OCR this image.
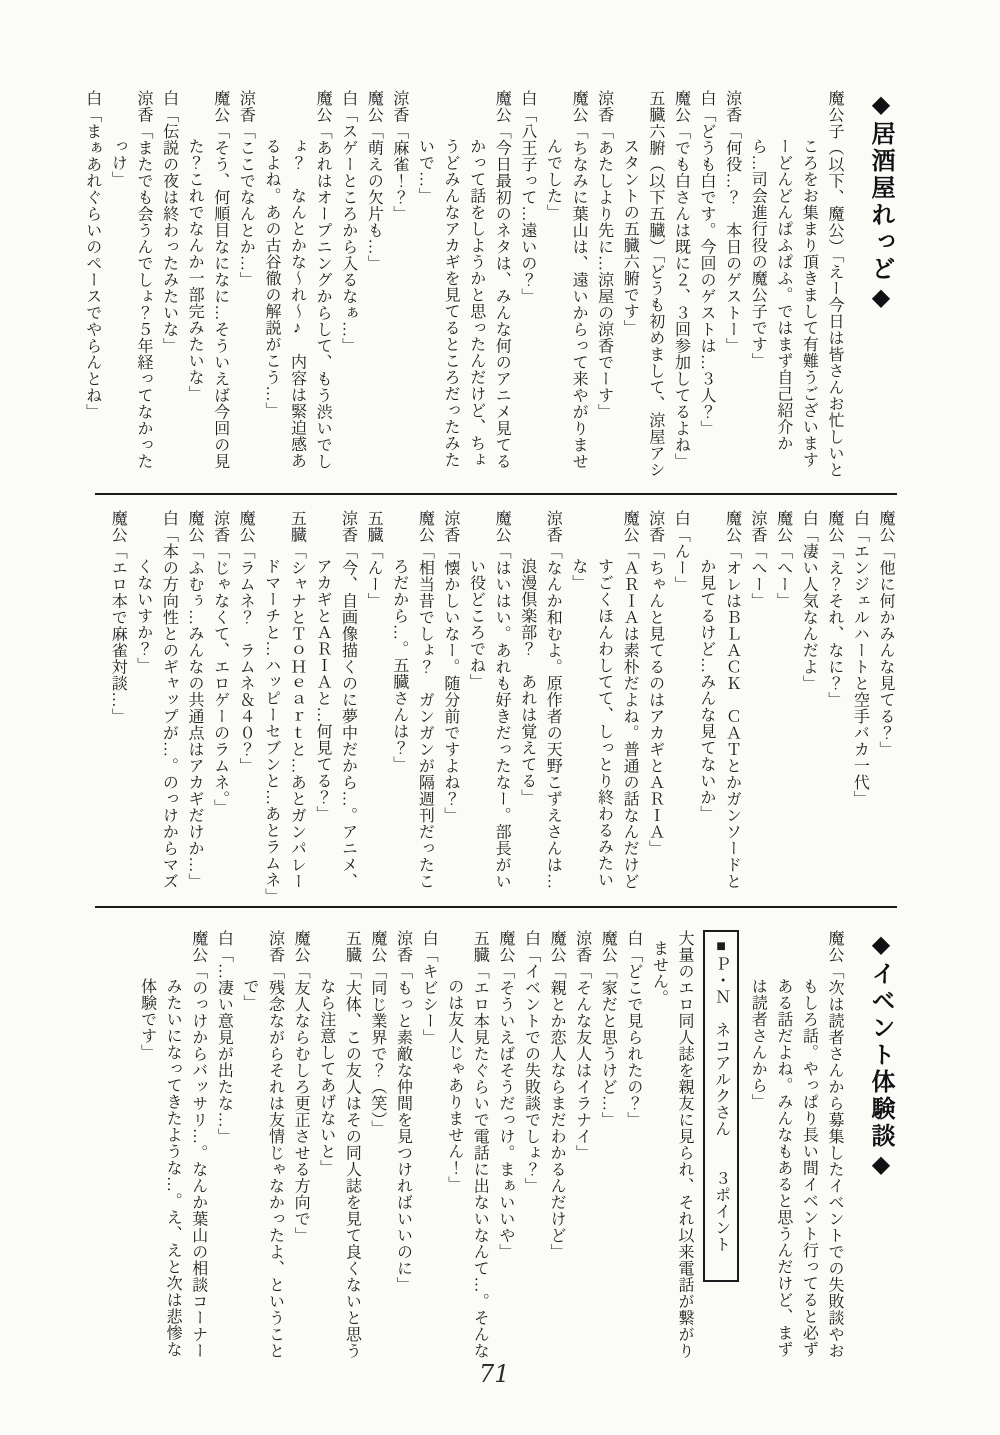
◆居酒屋れっど◆

魔公子（以下、魔公）「えー今日は皆さんお忙しいところをお集まり頂きまして有難うございますーどんどんぱふぱふ。ではまず自己紹介から…司会進行役の魔公子です」

涼香「何役…？　本日のゲストー」

白「どうも白です。今回のゲストは…３人？」

魔公「でも白さんは既に２、３回参加してるよね」

五臓六腑（以下五臓）「どうも初めまして、涼屋アシスタントの五臓六腑です」

涼香「あたしより先に…涼屋の涼香でーす」

魔公「ちなみに葉山は、遠いからって来やがりませんでした」

白「八王子って…遠いの？」

魔公「今日最初のネタは、みんな何のアニメ見てるかって話をしようかと思ったんだけど、ちょうどみんなアカギを見てるところだったみたいで…」

涼香「麻雀！？」

魔公「萌えの欠片も…」

白「スゲーところから入るなぁ…」

魔公「あれはオープニングからして、もう渋いでしょ？　なんとかな～れ～♪　内容は緊迫感あるよね。あの古谷徹の解説がこう…」

涼香「ここでなんとか…」

魔公「そう、何順目なになに…そういえば今回の見た？これでなんか一部完みたいな」

白「伝説の夜は終わったみたいな」

涼香「またでも会うんでしょ？５年経ってなかったっけ」

白「まぁあれぐらいのペースでやらんとね」

魔公「他に何かみんな見てる？」

白「エンジェルハートと空手バカ一代」

魔公「え？それ、なに？」

白「凄い人気なんだよ」

魔公「へー」

涼香「へー」

魔公「オレはＢＬＡＣＫ　ＣＡＴとかガンソードとか見てるけど…みんな見てないか」

白「んー」

涼香「ちゃんと見てるのはアカギとＡＲＩＡ」

魔公「ＡＲＩＡは素朴だよね。普通の話なんだけどすごくほんわしてて、しっとり終わるみたいな」

涼香「なんか和むよ。原作者の天野こずえさんは…浪漫倶楽部？　あれは覚えてる」

魔公「はいはい。あれも好きだったなー。部長がいい役どころでね」

涼香「懐かしいなー。随分前ですよね？」

魔公「相当昔でしょ？　ガンガンが隔週刊だったころだから…。五臓さんは？」

五臓「んー」

涼香「今、自画像描くのに夢中だから…。アニメ、アカギとＡＲＩＡと…何見てる？」

五臓「シャナとＴｏＨｅａｒｔと…あとガンパレードマーチと…ハッピーセブンと…あとラムネ」

魔公「ラムネ？　ラムネ＆４０？」

涼香「じゃなくて、エロゲーのラムネ。」

魔公「ふむぅ…みんなの共通点はアカギだけか…」

白「本の方向性とのギャップが…。のっけからマズくないすか？」

魔公「エロ本で麻雀対談…」

◆イベント体験談◆

魔公「次は読者さんから募集したイベントでの失敗談やおもしろ話。やっぱり長い間イベント行ってると必ずある話だよね。みんなもあると思うんだけど、まずは読者さんから」

■Ｐ・Ｎ　ネコアルクさん　　３ポイント

大量のエロ同人誌を親友に見られ、それ以来電話が繋がりません。

白「どこで見られたの？」

魔公「家だと思うけど…」

涼香「そんな友人はイラナイ」

魔公「親とか恋人ならまだわかるんだけど」

白「イベントでの失敗談でしょ？」

魔公「そういえばそうだっけ。まぁいいや」

五臓「エロ本見たぐらいで電話に出ないなんて…。そんなのは友人じゃありません！」

白「キビシー」

涼香「もっと素敵な仲間を見つければいいのに」

魔公「同じ業界で？（笑）」

五臓「大体、この友人はその同人誌を見て良くないと思うなら注意してあげないと」

魔公「友人ならむしろ更正させる方向で」

涼香「残念ながらそれは友情じゃなかったよ、ということで」

白「…凄い意見が出たな…」

魔公「のっけからバッサリ…。なんか葉山の相談コーナーみたいになってきたような…。え、えと次は悲惨な体験です」

71
